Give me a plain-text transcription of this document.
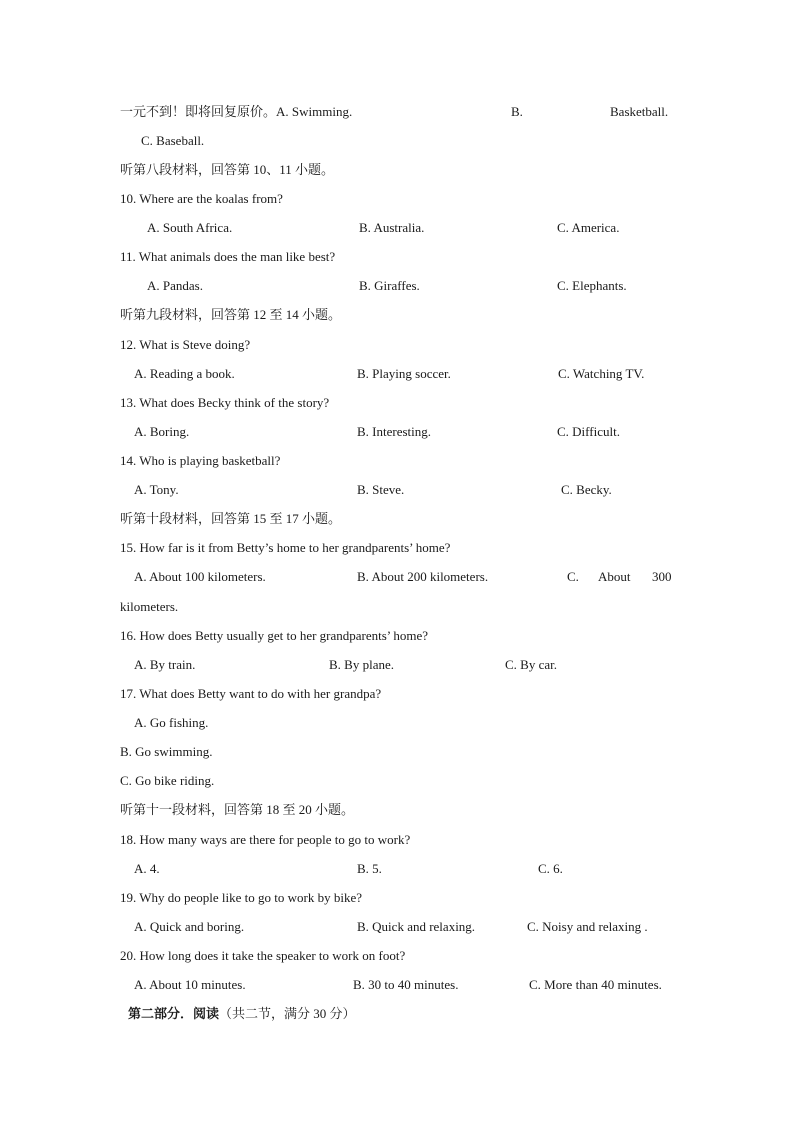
一元不到！即将回复原价。A. Swimming.	B.	Basketball.
C. Baseball.
听第八段材料，回答第 10、11 小题。
10. Where are the koalas from?
A. South Africa.	B. Australia.	C. America.
11. What animals does the man like best?
A. Pandas.	B. Giraffes.	C. Elephants.
听第九段材料，回答第 12 至 14 小题。
12. What is Steve doing?
A. Reading a book.	B. Playing soccer.	C. Watching TV.
13. What does Becky think of the story?
A. Boring.	B. Interesting.	C. Difficult.
14. Who is playing basketball?
A. Tony.	B. Steve.	C. Becky.
听第十段材料，回答第 15 至 17 小题。
15. How far is it from Betty’s home to her grandparents’ home?
A. About 100 kilometers.	B. About 200 kilometers.	C. About 300
kilometers.
16. How does Betty usually get to her grandparents’ home?
A. By train.	B. By plane.	C. By car.
17. What does Betty want to do with her grandpa?
A. Go fishing.
B. Go swimming.
C. Go bike riding.
听第十一段材料，回答第 18 至 20 小题。
18. How many ways are there for people to go to work?
A. 4.	B. 5.	C. 6.
19. Why do people like to go to work by bike?
A. Quick and boring.	B. Quick and relaxing.	C. Noisy and relaxing .
20. How long does it take the speaker to work on foot?
A. About 10 minutes.	B. 30 to 40 minutes.	C. More than 40 minutes.
第二部分．阅读（共二节，满分 30 分）
